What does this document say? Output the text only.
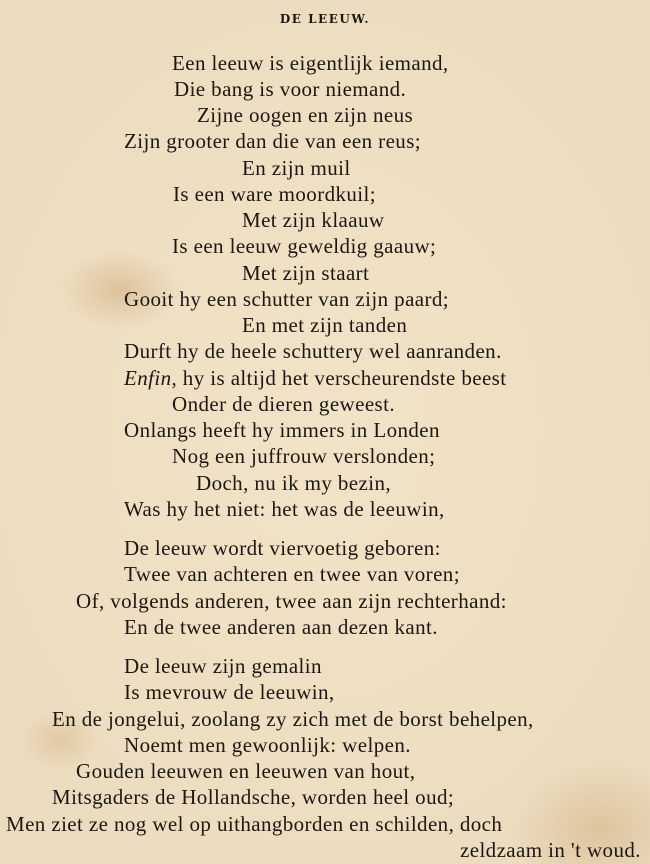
DE LEEUW.
Een leeuw is eigentlijk iemand,
Die bang is voor niemand.
Zijne oogen en zijn neus
Zijn grooter dan die van een reus;
En zijn muil
Is een ware moordkuil;
Met zijn klaauw
Is een leeuw geweldig gaauw;
Met zijn staart
Gooit hy een schutter van zijn paard;
En met zijn tanden
Durft hy de heele schuttery wel aanranden.
Enfin, hy is altijd het verscheurendste beest
Onder de dieren geweest.
Onlangs heeft hy immers in Londen
Nog een juffrouw verslonden;
Doch, nu ik my bezin,
Was hy het niet: het was de leeuwin,
De leeuw wordt viervoetig geboren:
Twee van achteren en twee van voren;
Of, volgends anderen, twee aan zijn rechterhand:
En de twee anderen aan dezen kant.
De leeuw zijn gemalin
Is mevrouw de leeuwin,
En de jongelui, zoolang zy zich met de borst behelpen,
Noemt men gewoonlijk: welpen.
Gouden leeuwen en leeuwen van hout,
Mitsgaders de Hollandsche, worden heel oud;
Men ziet ze nog wel op uithangborden en schilden, doch
zeldzaam in 't woud.
